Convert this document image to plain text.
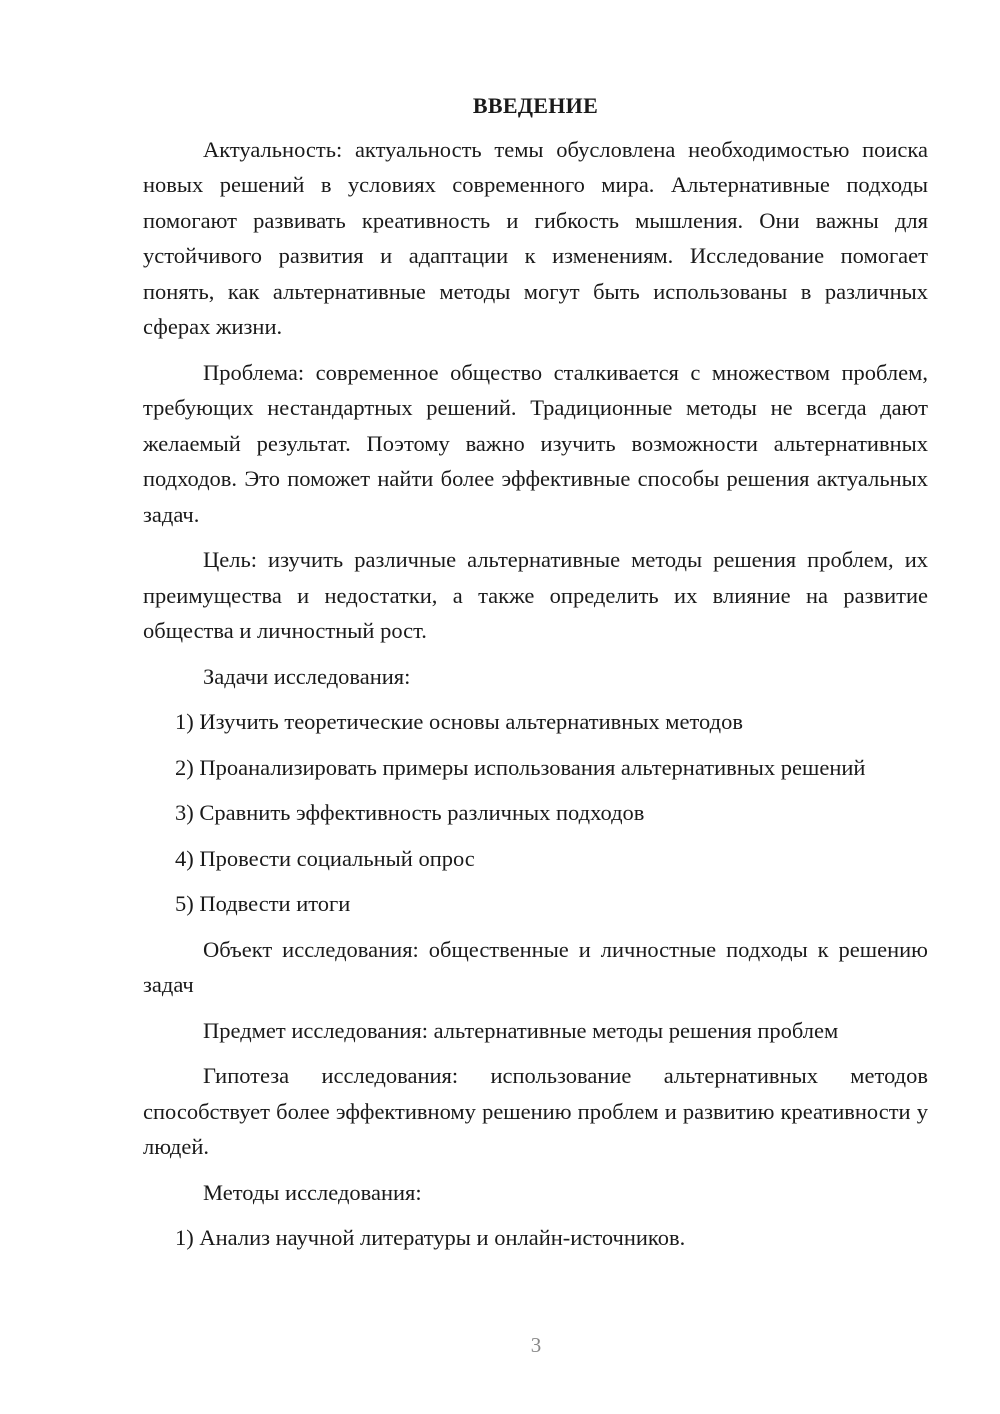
ВВЕДЕНИЕ

Актуальность: актуальность темы обусловлена необходимостью поиска новых решений в условиях современного мира. Альтернативные подходы помогают развивать креативность и гибкость мышления. Они важны для устойчивого развития и адаптации к изменениям. Исследование помогает понять, как альтернативные методы могут быть использованы в различных сферах жизни.

Проблема: современное общество сталкивается с множеством проблем, требующих нестандартных решений. Традиционные методы не всегда дают желаемый результат. Поэтому важно изучить возможности альтернативных подходов. Это поможет найти более эффективные способы решения актуальных задач.

Цель: изучить различные альтернативные методы решения проблем, их преимущества и недостатки, а также определить их влияние на развитие общества и личностный рост.

Задачи исследования:

1) Изучить теоретические основы альтернативных методов

2) Проанализировать примеры использования альтернативных решений

3) Сравнить эффективность различных подходов

4) Провести социальный опрос

5) Подвести итоги

Объект исследования: общественные и личностные подходы к решению задач

Предмет исследования: альтернативные методы решения проблем

Гипотеза исследования: использование альтернативных методов способствует более эффективному решению проблем и развитию креативности у людей.

Методы исследования:

1) Анализ научной литературы и онлайн-источников.

3
